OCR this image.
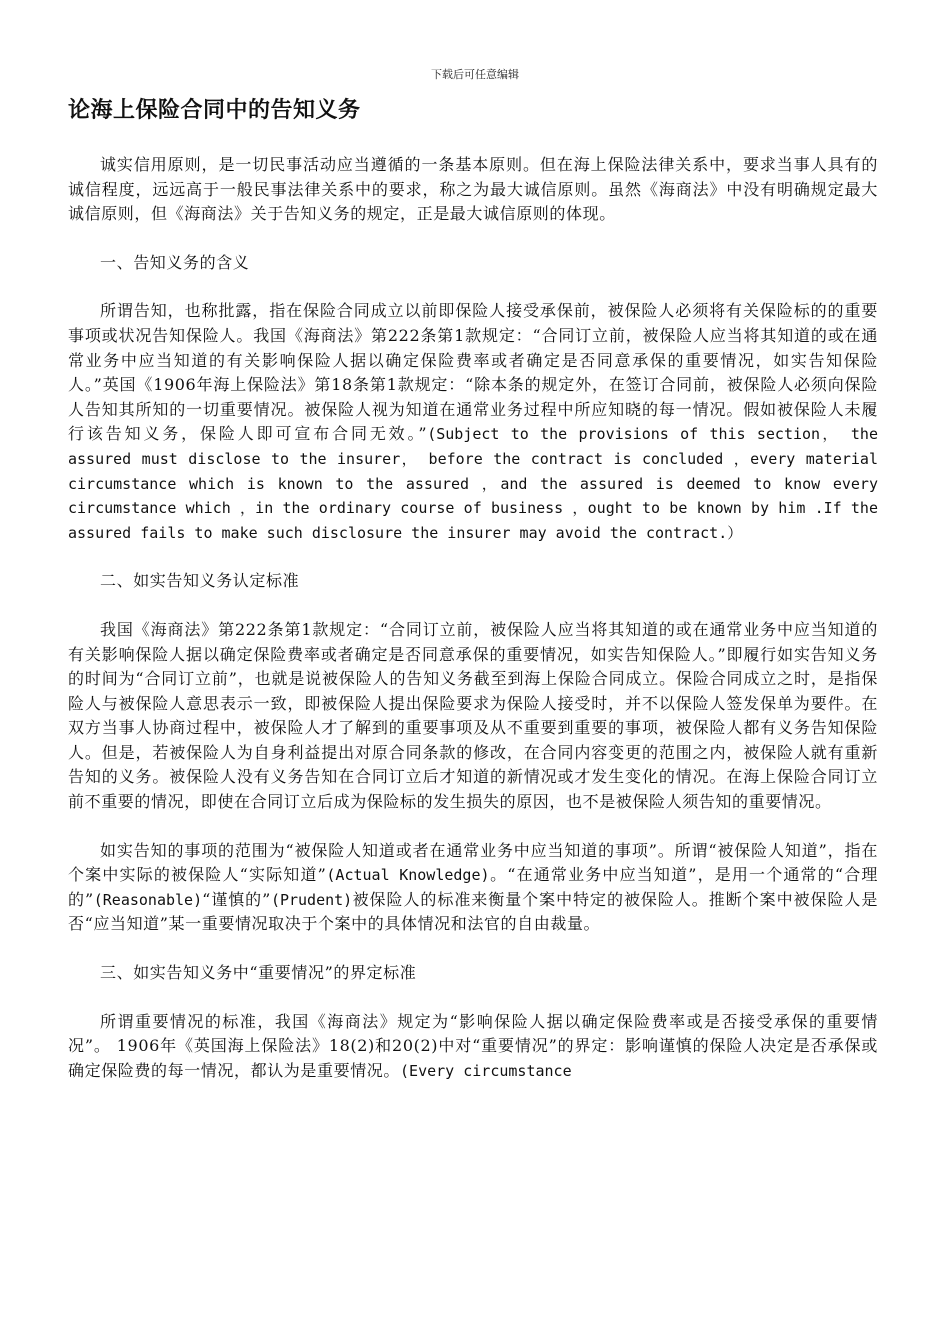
下载后可任意编辑
论海上保险合同中的告知义务

诚实信用原则，是一切民事活动应当遵循的一条基本原则。但在海上保险法律关系中，要求当事人具有的诚信程度，远远高于一般民事法律关系中的要求，称之为最大诚信原则。虽然《海商法》中没有明确规定最大诚信原则，但《海商法》关于告知义务的规定，正是最大诚信原则的体现。

一、告知义务的含义

所谓告知，也称批露，指在保险合同成立以前即保险人接受承保前，被保险人必须将有关保险标的的重要事项或状况告知保险人。我国《海商法》第222条第1款规定：“合同订立前，被保险人应当将其知道的或在通常业务中应当知道的有关影响保险人据以确定保险费率或者确定是否同意承保的重要情况，如实告知保险人。”英国《1906年海上保险法》第18条第1款规定：“除本条的规定外，在签订合同前，被保险人必须向保险人告知其所知的一切重要情况。被保险人视为知道在通常业务过程中所应知晓的每一情况。假如被保险人未履行该告知义务，保险人即可宣布合同无效。”(Subject to the provisions of this section， the assured must disclose to the insurer， before the contract is concluded ，every material circumstance which is known to the assured ，and the assured is deemed to know every circumstance which ，in the ordinary course of business ，ought to be known by him .If the assured fails to make such disclosure the insurer may avoid the contract.）

二、如实告知义务认定标准

我国《海商法》第222条第1款规定：“合同订立前，被保险人应当将其知道的或在通常业务中应当知道的有关影响保险人据以确定保险费率或者确定是否同意承保的重要情况，如实告知保险人。”即履行如实告知义务的时间为“合同订立前”，也就是说被保险人的告知义务截至到海上保险合同成立。保险合同成立之时，是指保险人与被保险人意思表示一致，即被保险人提出保险要求为保险人接受时，并不以保险人签发保单为要件。在双方当事人协商过程中，被保险人才了解到的重要事项及从不重要到重要的事项，被保险人都有义务告知保险人。但是，若被保险人为自身利益提出对原合同条款的修改，在合同内容变更的范围之内，被保险人就有重新告知的义务。被保险人没有义务告知在合同订立后才知道的新情况或才发生变化的情况。在海上保险合同订立前不重要的情况，即使在合同订立后成为保险标的发生损失的原因，也不是被保险人须告知的重要情况。

如实告知的事项的范围为“被保险人知道或者在通常业务中应当知道的事项”。所谓“被保险人知道”，指在个案中实际的被保险人“实际知道”(Actual Knowledge)。“在通常业务中应当知道”，是用一个通常的“合理的”(Reasonable)“谨慎的”(Prudent)被保险人的标准来衡量个案中特定的被保险人。推断个案中被保险人是否“应当知道”某一重要情况取决于个案中的具体情况和法官的自由裁量。

三、如实告知义务中“重要情况”的界定标准

所谓重要情况的标准，我国《海商法》规定为“影响保险人据以确定保险费率或是否接受承保的重要情况”。 1906年《英国海上保险法》18(2)和20(2)中对“重要情况”的界定：影响谨慎的保险人决定是否承保或确定保险费的每一情况，都认为是重要情况。(Every circumstance
